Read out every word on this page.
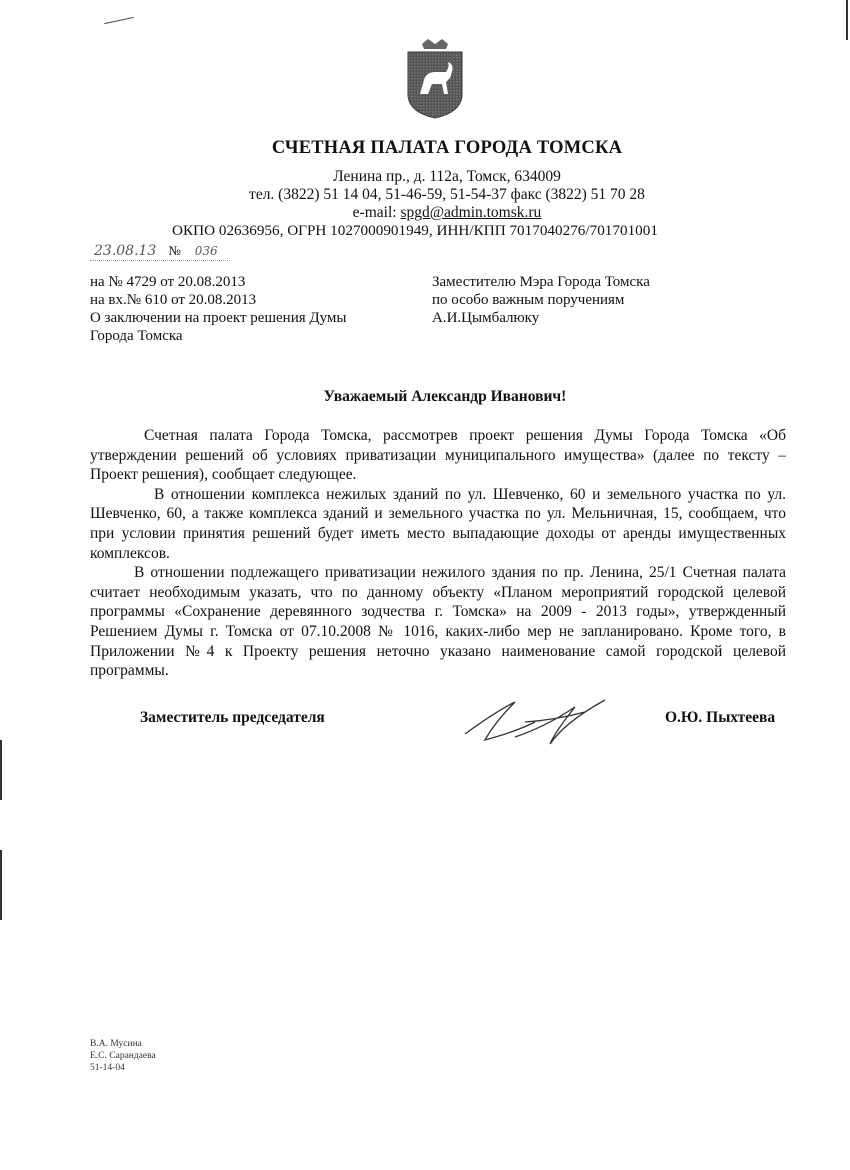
СЧЕТНАЯ ПАЛАТА ГОРОДА ТОМСКА
Ленина пр., д. 112а, Томск, 634009
тел. (3822) 51 14 04, 51-46-59, 51-54-37 факс (3822) 51 70 28
e-mail: spgd@admin.tomsk.ru
ОКПО 02636956, ОГРН 1027000901949, ИНН/КПП 7017040276/701701001
23.08.13 № 036
на № 4729 от 20.08.2013
на вх.№ 610 от 20.08.2013
О заключении на проект решения Думы
Города Томска
Заместителю Мэра Города Томска
по особо важным поручениям
А.И.Цымбалюку
Уважаемый Александр Иванович!

Счетная палата Города Томска, рассмотрев проект решения Думы Города Томска «Об утверждении решений об условиях приватизации муниципального имущества» (далее по тексту – Проект решения), сообщает следующее.

В отношении комплекса нежилых зданий по ул. Шевченко, 60 и земельного участка по ул. Шевченко, 60, а также комплекса зданий и земельного участка по ул. Мельничная, 15, сообщаем, что при условии принятия решений будет иметь место выпадающие доходы от аренды имущественных комплексов.

В отношении подлежащего приватизации нежилого здания по пр. Ленина, 25/1 Счетная палата считает необходимым указать, что по данному объекту «Планом мероприятий городской целевой программы «Сохранение деревянного зодчества г. Томска» на 2009 - 2013 годы», утвержденный Решением Думы г. Томска от 07.10.2008 № 1016, каких-либо мер не запланировано. Кроме того, в Приложении №4 к Проекту решения неточно указано наименование самой городской целевой программы.

Заместитель председателя	О.Ю. Пыхтеева
В.А. Мусина
Е.С. Сарандаева
51-14-04
